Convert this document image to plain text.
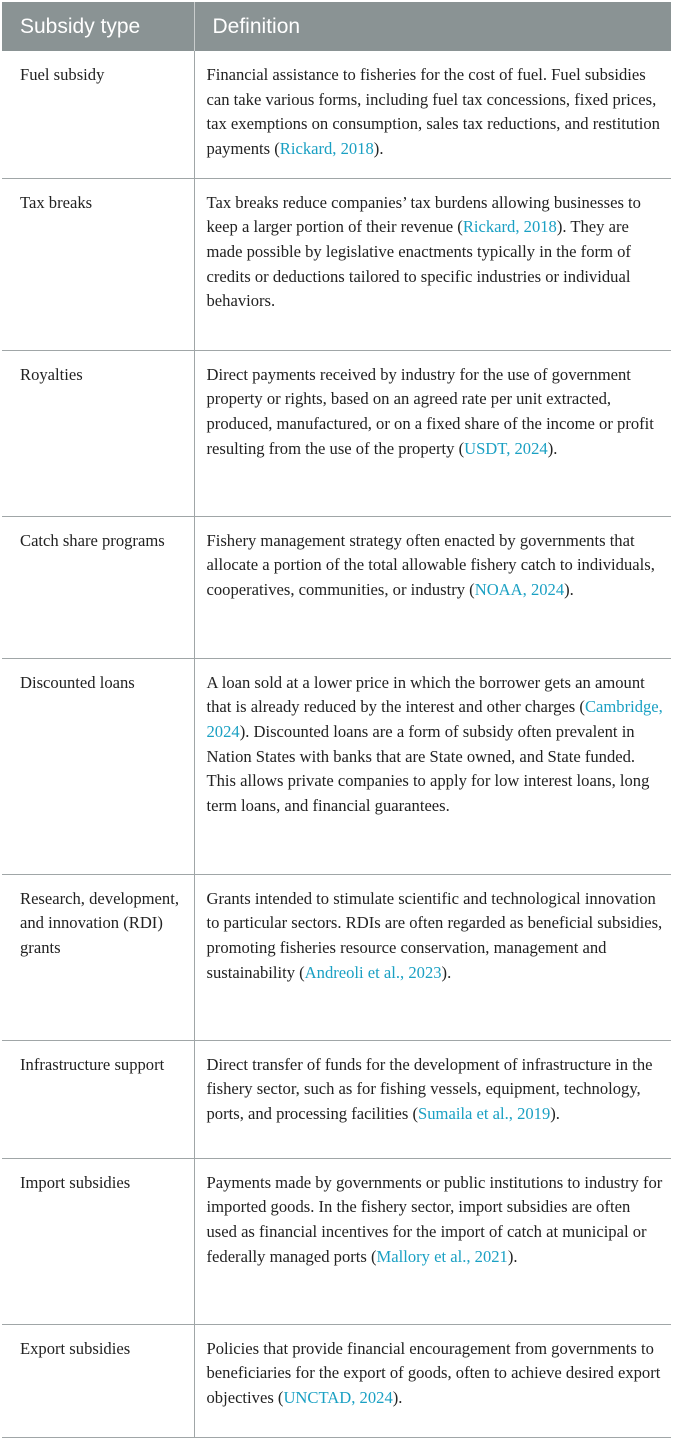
Subsidy type	Definition
Fuel subsidy	Financial assistance to fisheries for the cost of fuel. Fuel subsidies can take various forms, including fuel tax concessions, fixed prices, tax exemptions on consumption, sales tax reductions, and restitution payments (Rickard, 2018).
Tax breaks	Tax breaks reduce companies’ tax burdens allowing businesses to keep a larger portion of their revenue (Rickard, 2018). They are made possible by legislative enactments typically in the form of credits or deductions tailored to specific industries or individual behaviors.
Royalties	Direct payments received by industry for the use of government property or rights, based on an agreed rate per unit extracted, produced, manufactured, or on a fixed share of the income or profit resulting from the use of the property (USDT, 2024).
Catch share programs	Fishery management strategy often enacted by governments that allocate a portion of the total allowable fishery catch to individuals, cooperatives, communities, or industry (NOAA, 2024).
Discounted loans	A loan sold at a lower price in which the borrower gets an amount that is already reduced by the interest and other charges (Cambridge, 2024). Discounted loans are a form of subsidy often prevalent in Nation States with banks that are State owned, and State funded. This allows private companies to apply for low interest loans, long term loans, and financial guarantees.
Research, development, and innovation (RDI) grants	Grants intended to stimulate scientific and technological innovation to particular sectors. RDIs are often regarded as beneficial subsidies, promoting fisheries resource conservation, management and sustainability (Andreoli et al., 2023).
Infrastructure support	Direct transfer of funds for the development of infrastructure in the fishery sector, such as for fishing vessels, equipment, technology, ports, and processing facilities (Sumaila et al., 2019).
Import subsidies	Payments made by governments or public institutions to industry for imported goods. In the fishery sector, import subsidies are often used as financial incentives for the import of catch at municipal or federally managed ports (Mallory et al., 2021).
Export subsidies	Policies that provide financial encouragement from governments to beneficiaries for the export of goods, often to achieve desired export objectives (UNCTAD, 2024).
